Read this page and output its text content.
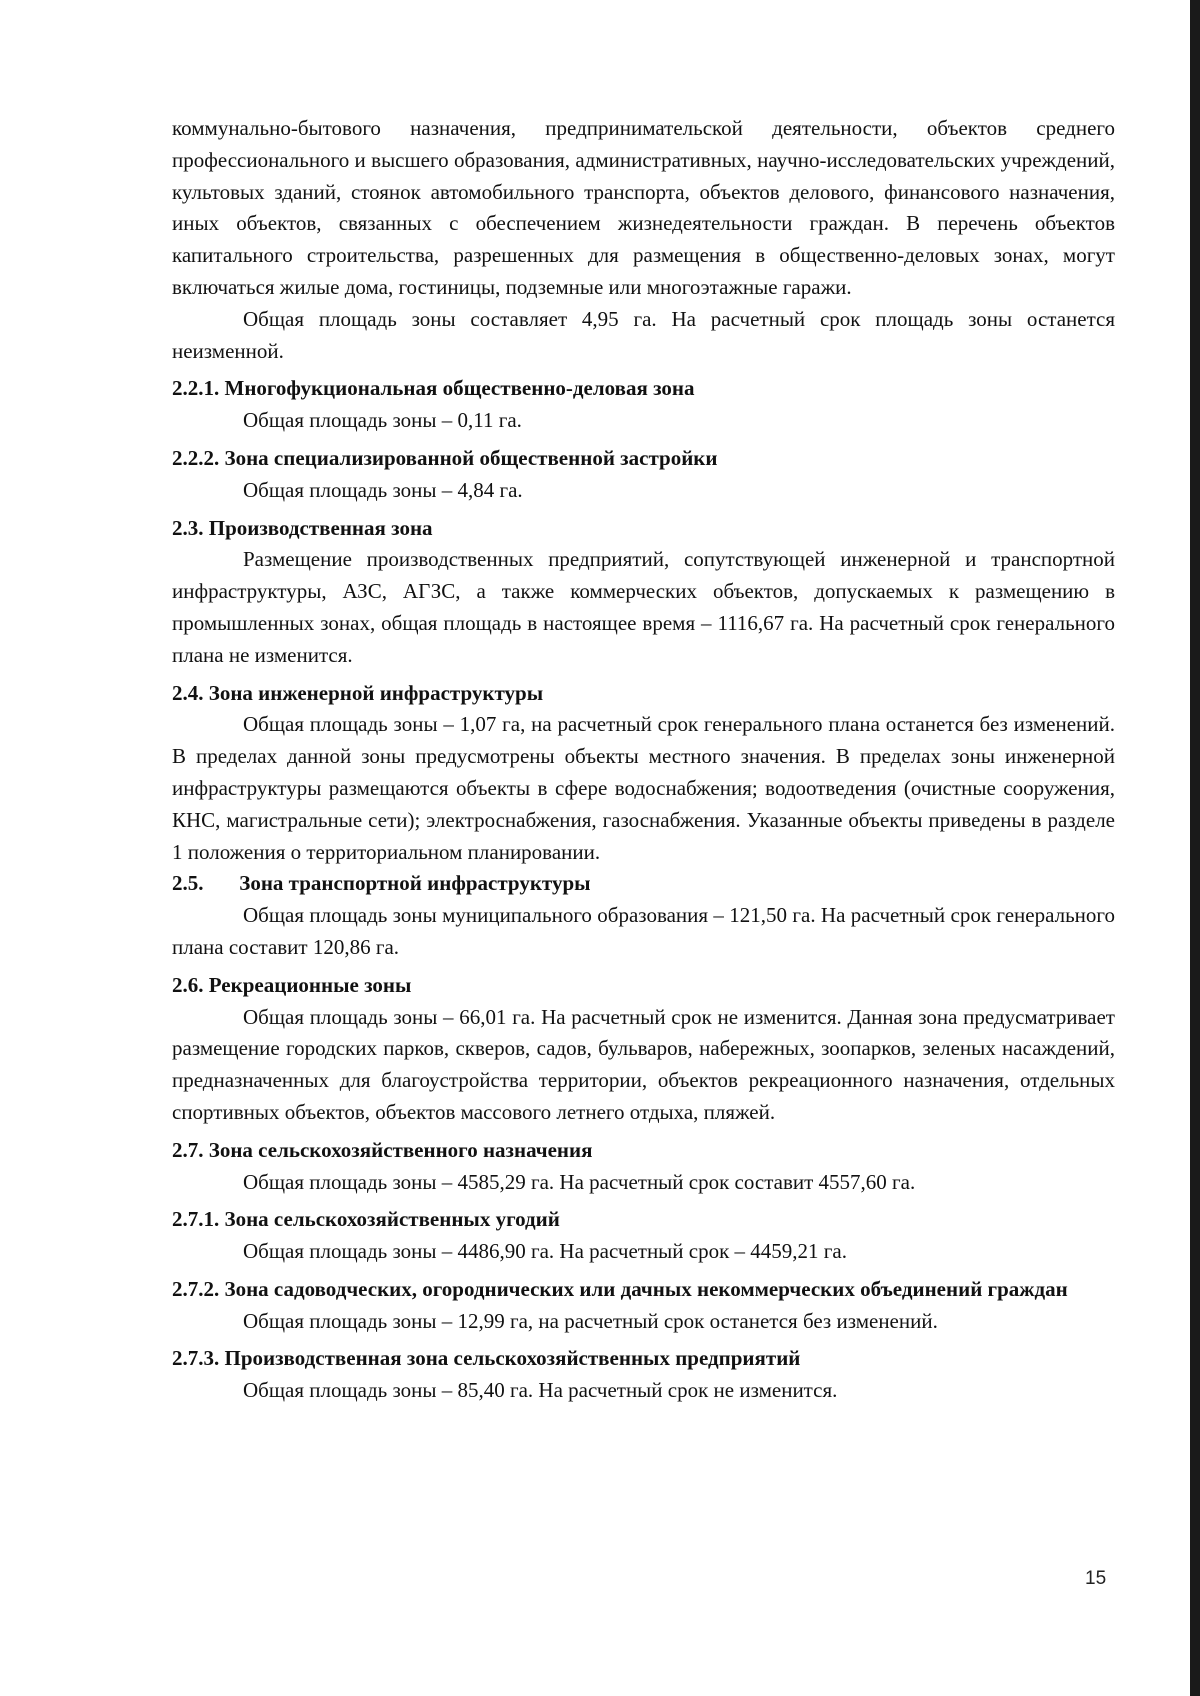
коммунально-бытового назначения, предпринимательской деятельности, объектов среднего профессионального и высшего образования, административных, научно-исследовательских учреждений, культовых зданий, стоянок автомобильного транспорта, объектов делового, финансового назначения, иных объектов, связанных с обеспечением жизнедеятельности граждан. В перечень объектов капитального строительства, разрешенных для размещения в общественно-деловых зонах, могут включаться жилые дома, гостиницы, подземные или многоэтажные гаражи.

Общая площадь зоны составляет 4,95 га. На расчетный срок площадь зоны останется неизменной.

2.2.1. Многофукциональная общественно-деловая зона

Общая площадь зоны – 0,11 га.

2.2.2. Зона специализированной общественной застройки

Общая площадь зоны – 4,84 га.

2.3. Производственная зона

Размещение производственных предприятий, сопутствующей инженерной и транспортной инфраструктуры, АЗС, АГЗС, а также коммерческих объектов, допускаемых к размещению в промышленных зонах, общая площадь в настоящее время – 1116,67 га. На расчетный срок генерального плана не изменится.

2.4. Зона инженерной инфраструктуры

Общая площадь зоны – 1,07 га, на расчетный срок генерального плана останется без изменений. В пределах данной зоны предусмотрены объекты местного значения. В пределах зоны инженерной инфраструктуры размещаются объекты в сфере водоснабжения; водоотведения (очистные сооружения, КНС, магистральные сети); электроснабжения, газоснабжения. Указанные объекты приведены в разделе 1 положения о территориальном планировании.

2.5. Зона транспортной инфраструктуры

Общая площадь зоны муниципального образования – 121,50 га. На расчетный срок генерального плана составит 120,86 га.

2.6. Рекреационные зоны

Общая площадь зоны – 66,01 га. На расчетный срок не изменится. Данная зона предусматривает размещение городских парков, скверов, садов, бульваров, набережных, зоопарков, зеленых насаждений, предназначенных для благоустройства территории, объектов рекреационного назначения, отдельных спортивных объектов, объектов массового летнего отдыха, пляжей.

2.7. Зона сельскохозяйственного назначения

Общая площадь зоны – 4585,29 га. На расчетный срок составит 4557,60 га.

2.7.1. Зона сельскохозяйственных угодий

Общая площадь зоны – 4486,90 га. На расчетный срок – 4459,21 га.

2.7.2. Зона садоводческих, огороднических или дачных некоммерческих объединений граждан

Общая площадь зоны – 12,99 га, на расчетный срок останется без изменений.

2.7.3. Производственная зона сельскохозяйственных предприятий

Общая площадь зоны – 85,40 га. На расчетный срок не изменится.

15
